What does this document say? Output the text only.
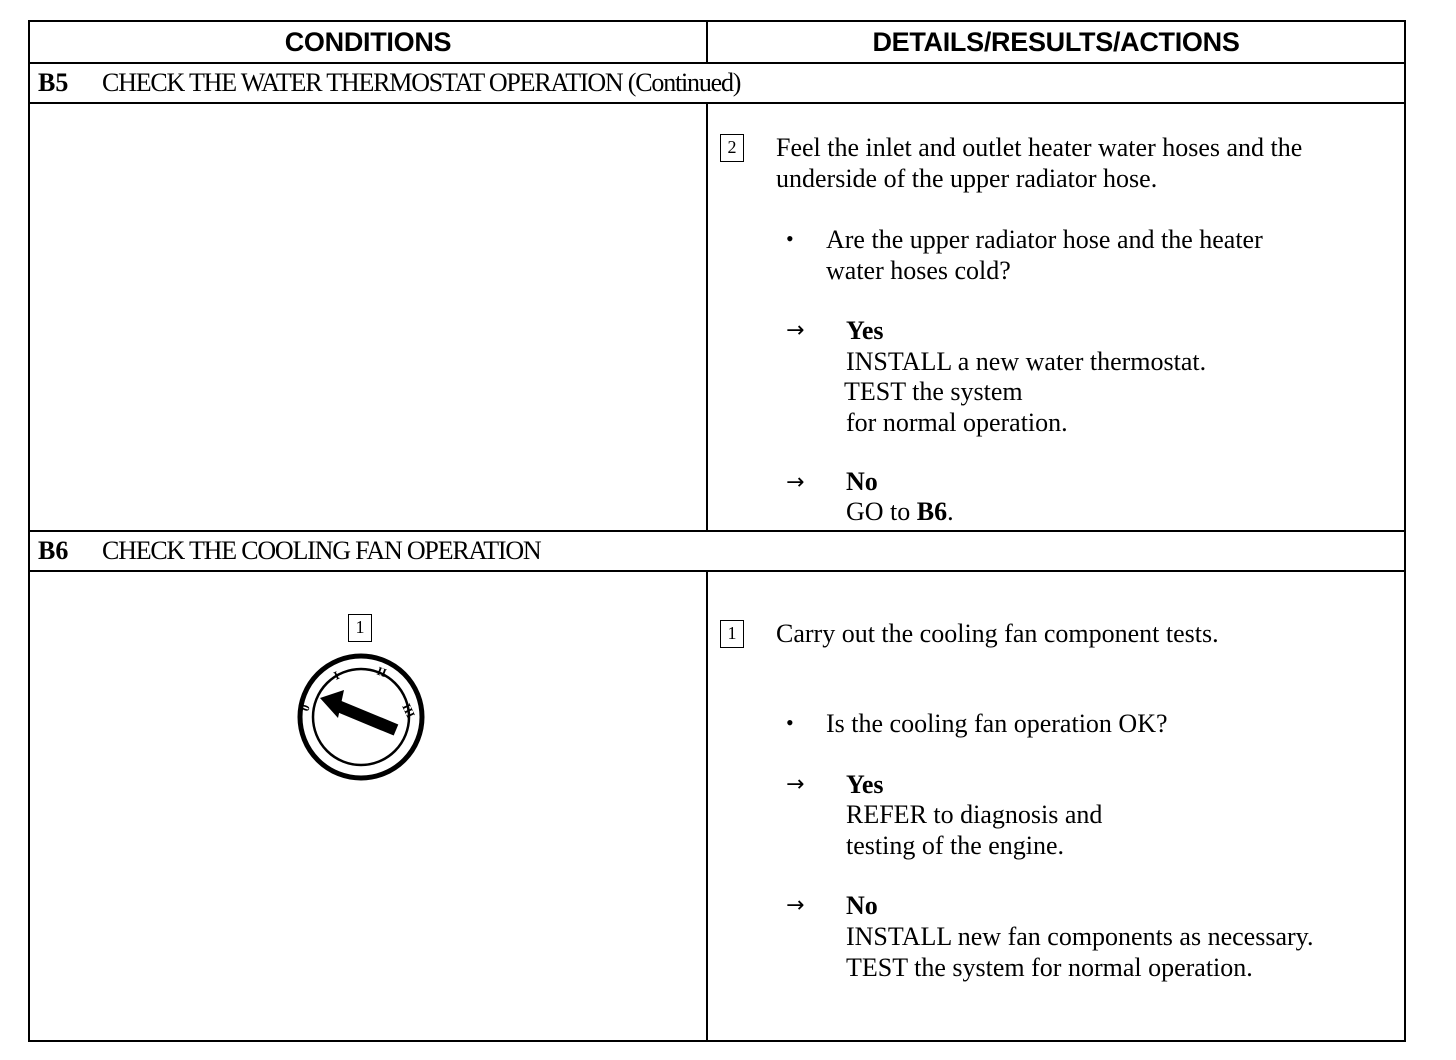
CONDITIONS	DETAILS/RESULTS/ACTIONS
B5 CHECK THE WATER THERMOSTAT OPERATION (Continued)
2 Feel the inlet and outlet heater water hoses and the
underside of the upper radiator hose.
• Are the upper radiator hose and the heater
water hoses cold?
→ Yes
INSTALL a new water thermostat.
TEST the system
for normal operation.
→ No
GO to B6.
B6 CHECK THE COOLING FAN OPERATION
1
0
I	II
III
1 Carry out the cooling fan component tests.
• Is the cooling fan operation OK?
→ Yes
REFER to diagnosis and
testing of the engine.
→ No
INSTALL new fan components as necessary.
TEST the system for normal operation.
